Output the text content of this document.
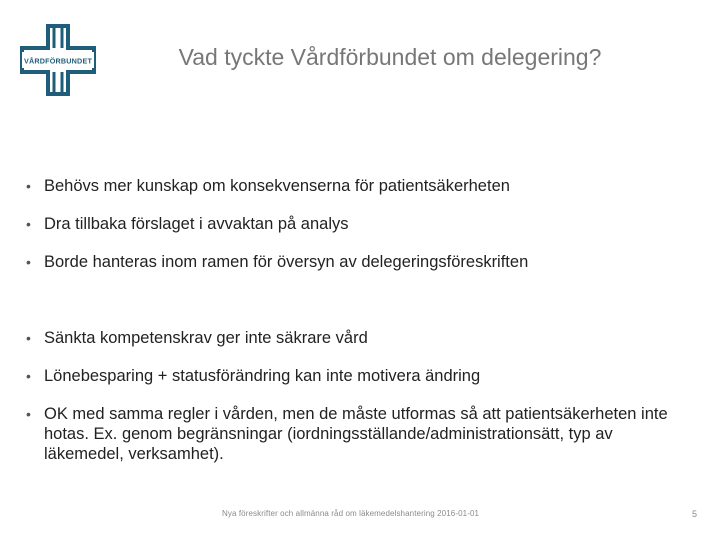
VÅRDFÖRBUNDET	Vad tyckte Vårdförbundet om delegering?
• Behövs mer kunskap om konsekvenserna för patientsäkerheten
• Dra tillbaka förslaget i avvaktan på analys
• Borde hanteras inom ramen för översyn av delegeringsföreskriften
• Sänkta kompetenskrav ger inte säkrare vård
• Lönebesparing + statusförändring kan inte motivera ändring
• OK med samma regler i vården, men de måste utformas så att patientsäkerheten inte hotas. Ex. genom begränsningar (iordningsställande/administrationsätt, typ av läkemedel, verksamhet).
Nya föreskrifter och allmänna råd om läkemedelshantering 2016-01-01	5
